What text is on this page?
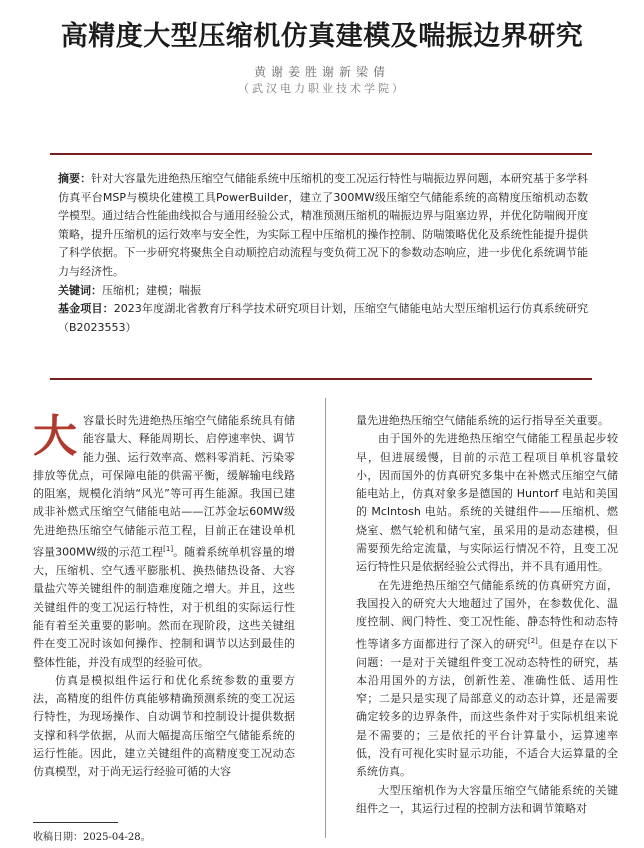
高精度大型压缩机仿真建模及喘振边界研究
黄谢姜胜谢新梁倩
（武汉电力职业技术学院）

摘要：针对大容量先进绝热压缩空气储能系统中压缩机的变工况运行特性与喘振边界问题，本研究基于多学科仿真平台MSP与模块化建模工具PowerBuilder，建立了300MW级压缩空气储能系统的高精度压缩机动态数学模型。通过结合性能曲线拟合与通用经验公式，精准预测压缩机的喘振边界与阻塞边界，并优化防喘阀开度策略，提升压缩机的运行效率与安全性，为实际工程中压缩机的操作控制、防喘策略优化及系统性能提升提供了科学依据。下一步研究将聚焦全自动顺控启动流程与变负荷工况下的参数动态响应，进一步优化系统调节能力与经济性。

关键词：压缩机；建模；喘振

基金项目：2023年度湖北省教育厅科学技术研究项目计划，压缩空气储能电站大型压缩机运行仿真系统研究（B2023553）

大容量长时先进绝热压缩空气储能系统具有储能容量大、释能周期长、启停速率快、调节能力强、运行效率高、燃料零消耗、污染零排放等优点，可保障电能的供需平衡，缓解输电线路的阻塞，规模化消纳“风光”等可再生能源。我国已建成非补燃式压缩空气储能电站——江苏金坛60MW级先进绝热压缩空气储能示范工程，目前正在建设单机容量300MW级的示范工程[1]。随着系统单机容量的增大，压缩机、空气透平膨胀机、换热储热设备、大容量盐穴等关键组件的制造难度随之增大。并且，这些关键组件的变工况运行特性，对于机组的实际运行性能有着至关重要的影响。然而在现阶段，这些关键组件在变工况时该如何操作、控制和调节以达到最佳的整体性能，并没有成型的经验可依。

仿真是模拟组件运行和优化系统参数的重要方法，高精度的组件仿真能够精确预测系统的变工况运行特性，为现场操作、自动调节和控制设计提供数据支撑和科学依据，从而大幅提高压缩空气储能系统的运行性能。因此，建立关键组件的高精度变工况动态仿真模型，对于尚无运行经验可循的大容

量先进绝热压缩空气储能系统的运行指导至关重要。

由于国外的先进绝热压缩空气储能工程虽起步较早，但进展缓慢，目前的示范工程项目单机容量较小，因而国外的仿真研究多集中在补燃式压缩空气储能电站上，仿真对象多是德国的 Huntorf 电站和美国的 McIntosh 电站。系统的关键组件——压缩机、燃烧室、燃气轮机和储气室，虽采用的是动态建模，但需要预先给定流量，与实际运行情况不符，且变工况运行特性只是依据经验公式得出，并不具有通用性。

在先进绝热压缩空气储能系统的仿真研究方面，我国投入的研究大大地超过了国外，在参数优化、温度控制、阀门特性、变工况性能、静态特性和动态特性等诸多方面都进行了深入的研究[2]。但是存在以下问题：一是对于关键组件变工况动态特性的研究，基本沿用国外的方法，创新性差、准确性低、适用性窄；二是只是实现了局部意义的动态计算，还是需要确定较多的边界条件，而这些条件对于实际机组来说是不需要的；三是依托的平台计算量小，运算速率低，没有可视化实时显示功能，不适合大运算量的全系统仿真。

大型压缩机作为大容量压缩空气储能系统的关键组件之一，其运行过程的控制方法和调节策略对

收稿日期：2025-04-28。
